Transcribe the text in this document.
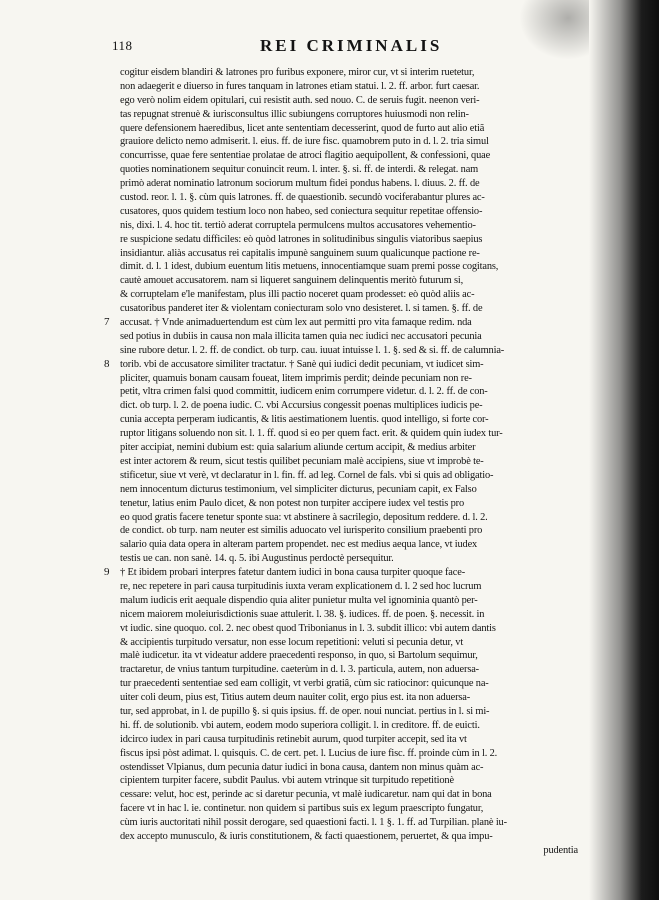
118	REI CRIMINALIS
cogitur eisdem blandiri & latrones pro furibus exponere, miror cur, vt si interim ruetetur,
non adaegerit e diuerso in fures tanquam in latrones etiam statui. l. 2. ff. arbor. furt caesar.
ego verò nolim eidem opitulari, cui resistit auth. sed nouo. C. de seruis fugit. neenon veri-
tas repugnat strenuè & iurisconsultus illic subiungens corruptores huiusmodi non relin-
quere defensionem haeredibus, licet ante sententiam decesserint, quod de furto aut alio etiã
grauiore delicto nemo admiserit. l. eius. ff. de iure fisc. quamobrem puto in d. l. 2. tria simul
concurrisse, quae fere sententiae prolatae de atroci flagitio aequipollent, & confessioni, quae
quoties nominationem sequitur conuincit reum. l. inter. §. si. ff. de interdi. & relegat. nam
primò aderat nominatio latronum sociorum multum fidei pondus habens. l. diuus. 2. ff. de
custod. reor. l. 1. §. cùm quis latrones. ff. de quaestionib. secundò vociferabantur plures ac-
cusatores, quos quidem testium loco non habeo, sed coniectura sequitur repetitae offensio-
nis, dixi. l. 4. hoc tit. tertiò aderat corruptela permulcens multos accusatores vehementio-
re suspicione sedatu difficiles: eò quòd latrones in solitudinibus singulis viatoribus saepius
insidiantur. aliàs accusatus rei capitalis impunè sanguinem suum qualicunque pactione re-
dimit. d. l. 1 idest, dubium euentum litis metuens, innocentiamque suam premi posse cogitans,
cautè amouet accusatorem. nam si liqueret sanguinem delinquentis meritò futurum si,
& corruptelam e'le manifestam, plus illi pactio noceret quam prodesset: eò quòd aliis ac-
cusatoribus panderet iter & violentam coniecturam solo vno desisteret. l. si tamen. §. ff. de
7 accusat. † Vnde animaduertendum est cùm lex aut permitti pro vita famaque redim. nda
sed potius in dubiis in causa non mala illicita tamen quia nec iudici nec accusatori pecunia
sine rubore detur. l. 2. ff. de condict. ob turp. cau. iuuat intuisse l. 1. §. sed & si. ff. de calumnia-
8 torib. vbi de accusatore similiter tractatur. † Sanè qui iudici dedit pecuniam, vt iudicet sim-
pliciter, quamuis bonam causam foueat, litem imprimis perdit; deinde pecuniam non re-
petit, vltra crimen falsi quod committit, iudicem enim corrumpere videtur. d. l. 2. ff. de con-
dict. ob turp. l. 2. de poena iudic. C. vbi Accursius congessit poenas multiplices iudicis pe-
cunia accepta perperam iudicantis, & litis aestimationem luentis. quod intelligo, si forte cor-
ruptor litigans soluendo non sit. l. 1. ff. quod si eo per quem fact. erit. & quidem quin iudex tur-
piter accipiat, nemini dubium est: quia salarium aliunde certum accipit, & medius arbiter
est inter actorem & reum, sicut testis quilibet pecuniam malè accipiens, siue vt improbè te-
stificetur, siue vt verè, vt declaratur in l. fin. ff. ad leg. Cornel de fals. vbi si quis ad obligatio-
nem innocentum dicturus testimonium, vel simpliciter dicturus, pecuniam capit, ex Falso
tenetur, latius enim Paulo dicet, & non potest non turpiter accipere iudex vel testis pro
eo quod gratis facere tenetur sponte sua: vt abstinere à sacrilegio, depositum reddere. d. l. 2.
de condict. ob turp. nam neuter est similis aduocato vel iurisperito consilium praebenti pro
salario quia data opera in alteram partem propendet. nec est medius aequa lance, vt iudex
testis ue can. non sanè. 14. q. 5. ibi Augustinus perdoctè persequitur.
9 † Et ibidem probari interpres fatetur dantem iudici in bona causa turpiter quoque face-
re, nec repetere in pari causa turpitudinis iuxta veram explicationem d. l. 2 sed hoc lucrum
malum iudicis erit aequale dispendio quia aliter punietur multa vel ignominia quantò per-
nicem maiorem moleiurisdictionis suae attulerit. l. 38. §. iudices. ff. de poen. §. necessit. in
vt iudic. sine quoquo. col. 2. nec obest quod Tribonianus in l. 3. subdit illico: vbi autem dantis
& accipientis turpitudo versatur, non esse locum repetitioni: veluti si pecunia detur, vt
malè iudicetur. ita vt videatur addere praecedenti responso, in quo, si Bartolum sequimur,
tractaretur, de vnius tantum turpitudine. caeterùm in d. l. 3. particula, autem, non aduersa-
tur praecedenti sententiae sed eam colligit, vt verbi gratiâ, cùm sic ratiocinor: quicunque na-
uiter coli deum, pius est, Titius autem deum nauiter colit, ergo pius est. ita non aduersa-
tur, sed approbat, in l. de pupillo §. si quis ipsius. ff. de oper. noui nunciat. pertius in l. si mi-
hi. ff. de solutionib. vbi autem, eodem modo superiora colligit. l. in creditore. ff. de euicti.
idcirco iudex in pari causa turpitudinis retinebit aurum, quod turpiter accepit, sed ita vt
fiscus ipsi pòst adimat. l. quisquis. C. de cert. pet. l. Lucius de iure fisc. ff. proinde cùm in l. 2.
ostendisset Vlpianus, dum pecunia datur iudici in bona causa, dantem non minus quàm ac-
cipientem turpiter facere, subdit Paulus. vbi autem vtrinque sit turpitudo repetitionè
cessare: velut, hoc est, perinde ac si daretur pecunia, vt malè iudicaretur. nam qui dat in bona
facere vt in hac l. ie. continetur. non quidem si partibus suis ex legum praescripto fungatur,
cùm iuris auctoritati nihil possit derogare, sed quaestioni facti. l. 1 §. 1. ff. ad Turpilian. planè iu-
dex accepto munusculo, & iuris constitutionem, & facti quaestionem, peruertet, & qua impu-
pudentia
